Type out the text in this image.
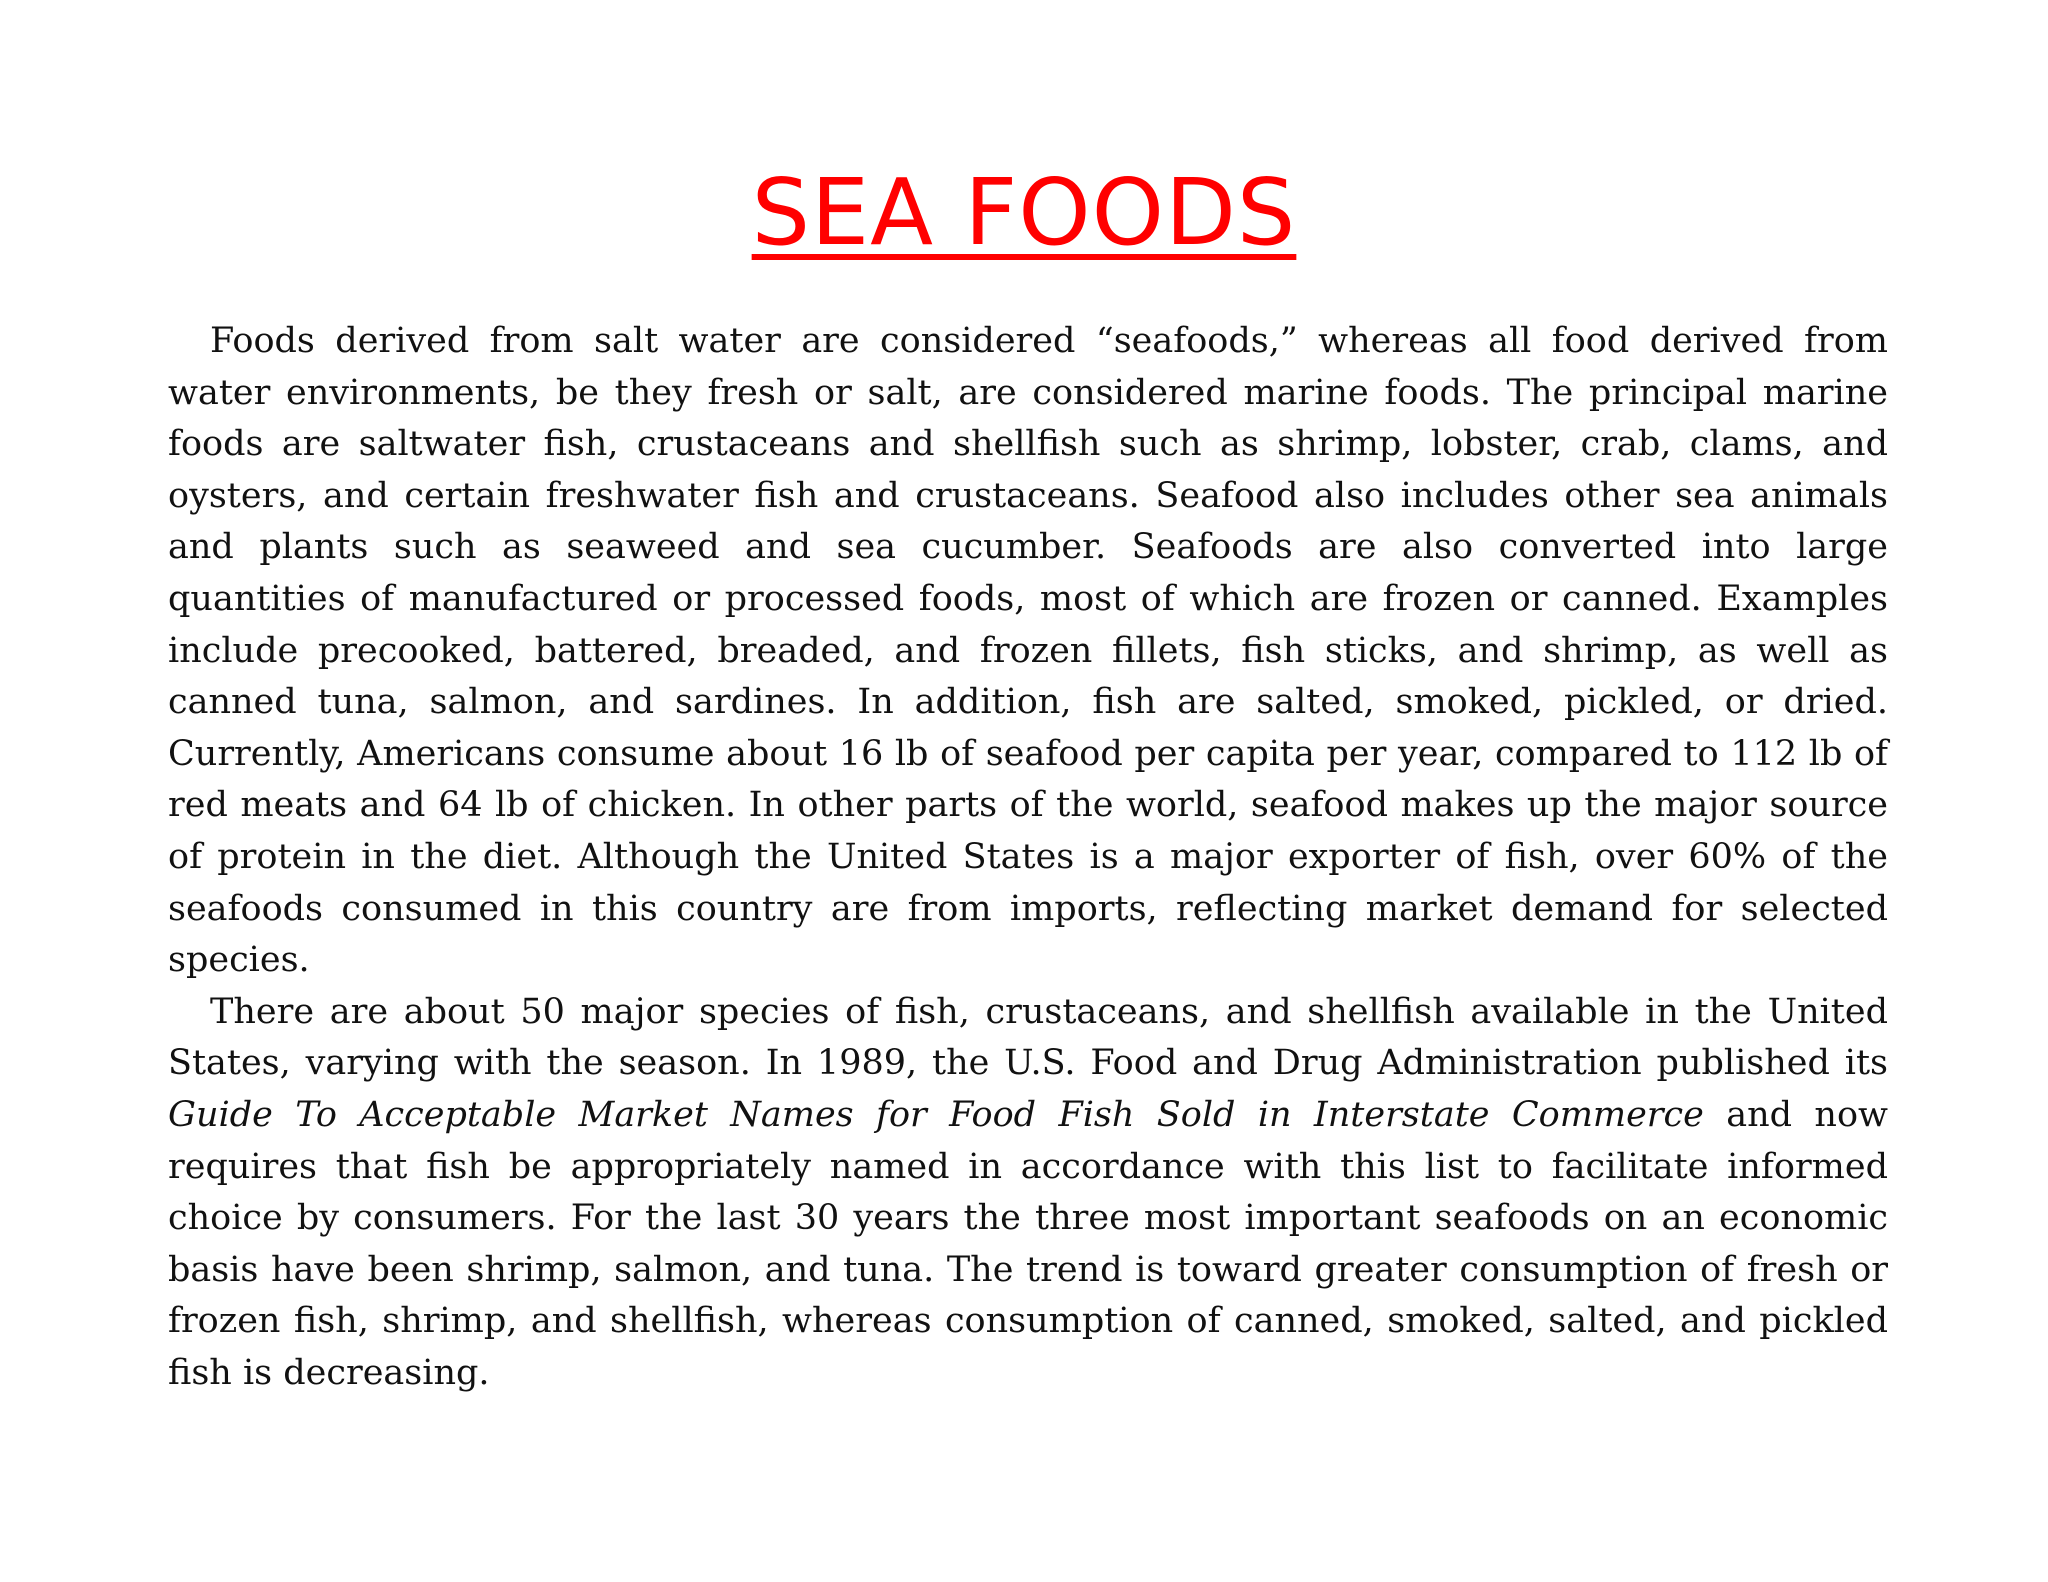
SEA FOODS

Foods derived from salt water are considered “seafoods,” whereas all food derived from water environments, be they fresh or salt, are considered marine foods. The principal marine foods are saltwater fish, crustaceans and shellfish such as shrimp, lobster, crab, clams, and oysters, and certain freshwater fish and crustaceans. Seafood also includes other sea animals and plants such as seaweed and sea cucumber. Seafoods are also converted into large quantities of manufactured or processed foods, most of which are frozen or canned. Examples include precooked, battered, breaded, and frozen fillets, fish sticks, and shrimp, as well as canned tuna, salmon, and sardines. In addition, fish are salted, smoked, pickled, or dried. Currently, Americans consume about 16 lb of seafood per capita per year, compared to 112 lb of red meats and 64 lb of chicken. In other parts of the world, seafood makes up the major source of protein in the diet. Although the United States is a major exporter of fish, over 60% of the seafoods consumed in this country are from imports, reflecting market demand for selected species.

There are about 50 major species of fish, crustaceans, and shellfish available in the United States, varying with the season. In 1989, the U.S. Food and Drug Administration published its Guide To Acceptable Market Names for Food Fish Sold in Interstate Commerce and now requires that fish be appropriately named in accordance with this list to facilitate informed choice by consumers. For the last 30 years the three most important seafoods on an economic basis have been shrimp, salmon, and tuna. The trend is toward greater consumption of fresh or frozen fish, shrimp, and shellfish, whereas consumption of canned, smoked, salted, and pickled fish is decreasing.
